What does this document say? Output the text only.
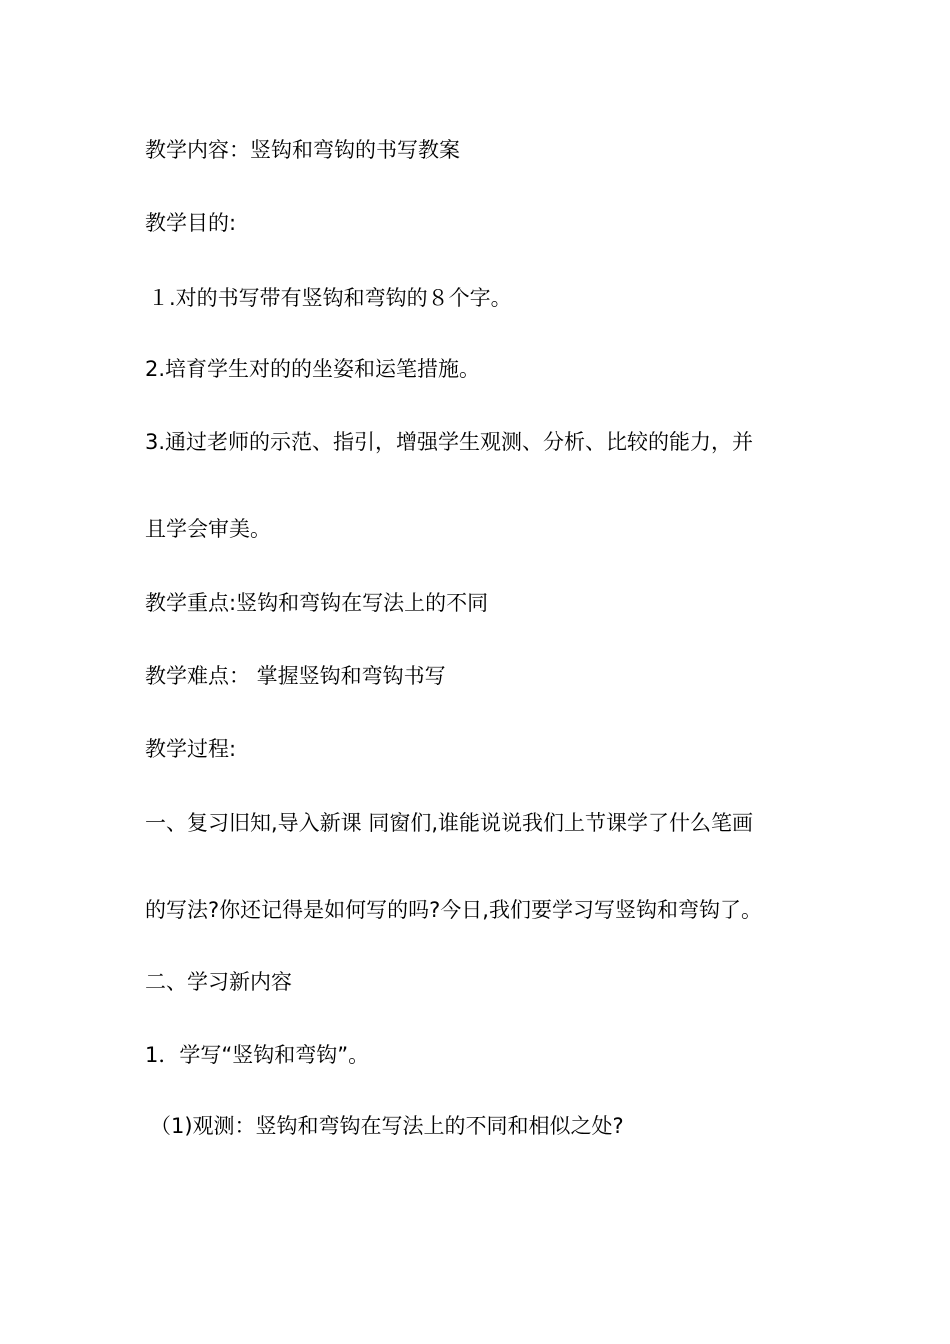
教学内容：竖钩和弯钩的书写教案
教学目的:
１.对的书写带有竖钩和弯钩的８个字。
2.培育学生对的的坐姿和运笔措施。
3.通过老师的示范、指引，增强学生观测、分析、比较的能力，并
且学会审美。
教学重点:竖钩和弯钩在写法上的不同
教学难点： 掌握竖钩和弯钩书写
教学过程:
一、复习旧知,导入新课 同窗们,谁能说说我们上节课学了什么笔画
的写法?你还记得是如何写的吗?今日,我们要学习写竖钩和弯钩了。
二、学习新内容
1．学写“竖钩和弯钩”。
（1)观测：竖钩和弯钩在写法上的不同和相似之处?
